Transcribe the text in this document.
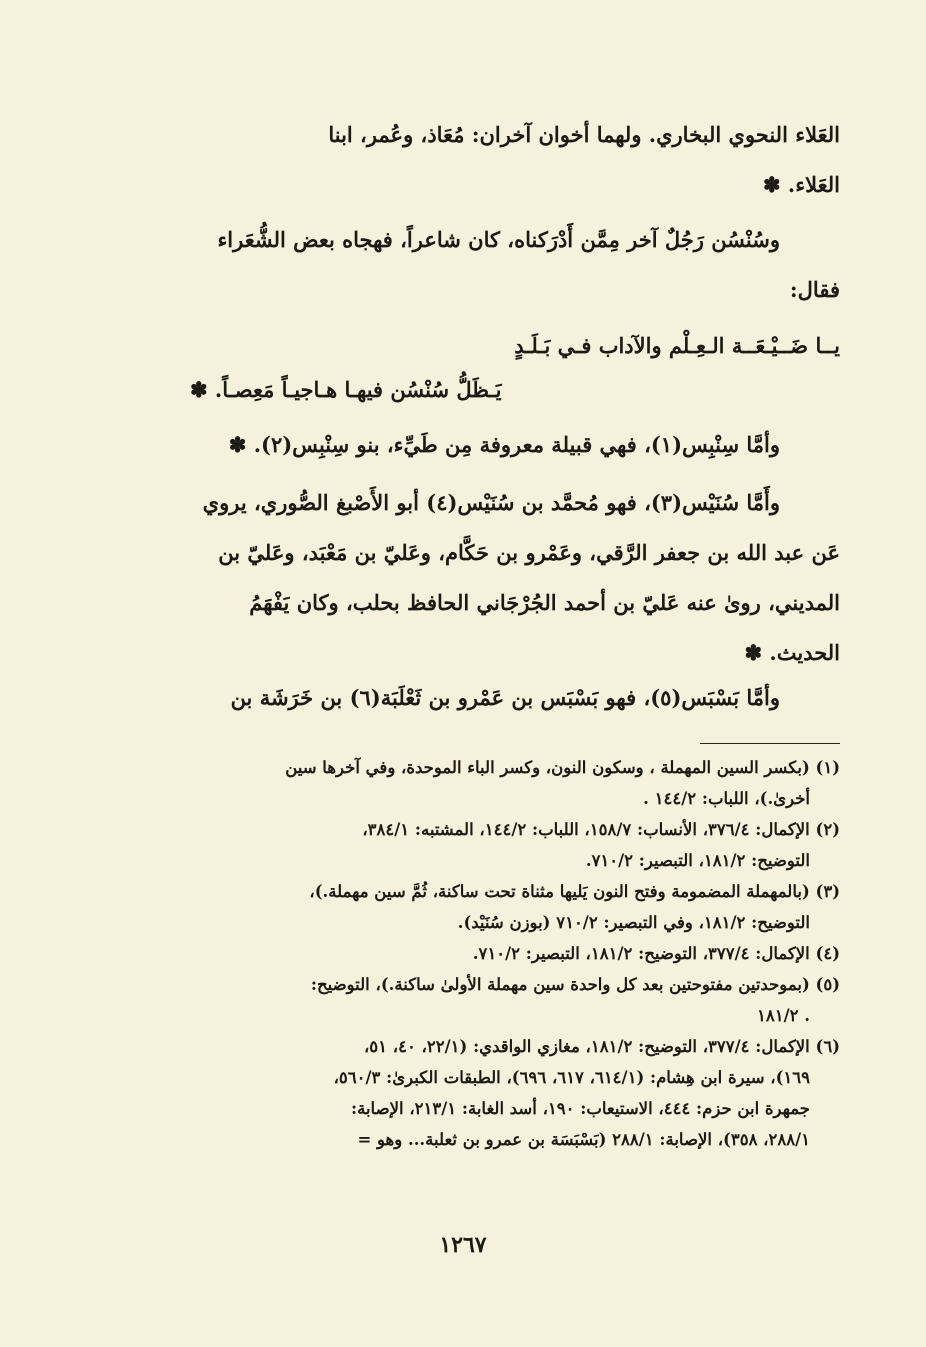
العَلاء النحوي البخاري. ولهما أخوان آخران: مُعَاذ، وعُمر، ابنا
العَلاء. ✽
وسُنْسُن رَجُلٌ آخر مِمَّن أَدْرَكناه، كان شاعراً، فهجاه بعض الشُّعَراء
فقال:
يــا ضَــيْـعَــة الـعِـلْم والآداب فـي بَـلَـدٍ
يَـظَلُّ سُنْسُن فيهـا هـاجيـاً مَعِصـاً. ✽
وأمَّا سِنْبِس(١)، فهي قبيلة معروفة مِن طَيِّء، بنو سِنْبِس(٢). ✽
وأَمَّا سُنَيْس(٣)، فهو مُحمَّد بن سُنَيْس(٤) أبو الأَصْبغ الصُّوري، يروي
عَن عبد الله بن جعفر الرَّقي، وعَمْرو بن حَكَّام، وعَليّ بن مَعْبَد، وعَليّ بن
المديني، روىٰ عنه عَليّ بن أحمد الجُرْجَاني الحافظ بحلب، وكان يَفْهَمُ
الحديث. ✽
وأمَّا بَسْبَس(٥)، فهو بَسْبَس بن عَمْرو بن ثَعْلَبَة(٦) بن خَرَشَة بن
(١) (بكسر السين المهملة ، وسكون النون، وكسر الباء الموحدة، وفي آخرها سين
أخرىٰ.)، اللباب: ١٤٤/٢ .
(٢) الإكمال: ٣٧٦/٤، الأنساب: ١٥٨/٧، اللباب: ١٤٤/٢، المشتبه: ٣٨٤/١،
التوضيح: ١٨١/٢، التبصير: ٧١٠/٢.
(٣) (بالمهملة المضمومة وفتح النون يَليها مثناة تحت ساكنة، ثُمَّ سين مهملة.)،
التوضيح: ١٨١/٢، وفي التبصير: ٧١٠/٢ (بوزن سُنَيْد).
(٤) الإكمال: ٣٧٧/٤، التوضيح: ١٨١/٢، التبصير: ٧١٠/٢.
(٥) (بموحدتين مفتوحتين بعد كل واحدة سين مهملة الأولىٰ ساكنة.)، التوضيح:
. ١٨١/٢
(٦) الإكمال: ٣٧٧/٤، التوضيح: ١٨١/٢، مغازي الواقدي: (٢٢/١، ٤٠، ٥١،
١٦٩)، سيرة ابن هِشام: (٦١٤/١، ٦١٧، ٦٩٦)، الطبقات الكبرىٰ: ٥٦٠/٣،
جمهرة ابن حزم: ٤٤٤، الاستيعاب: ١٩٠، أسد الغابة: ٢١٣/١، الإصابة:
٢٨٨/١، ٣٥٨)، الإصابة: ٢٨٨/١ (بَسْبَسَة بن عمرو بن ثعلبة... وهو =
١٢٦٧
